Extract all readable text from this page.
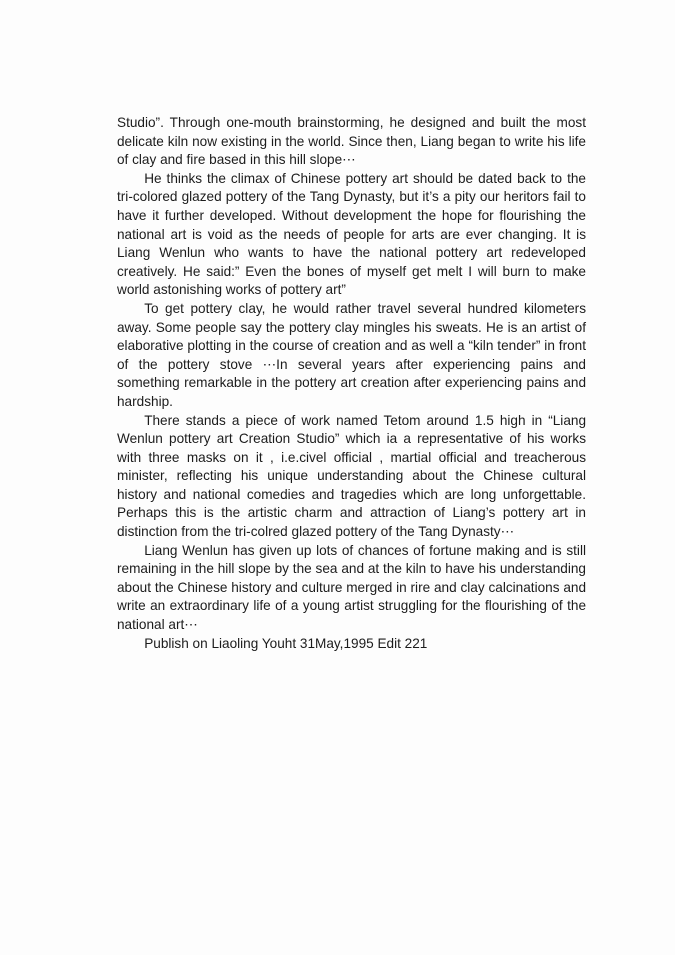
Studio”. Through one-mouth brainstorming, he designed and built the most delicate kiln now existing in the world. Since then, Liang began to write his life of clay and fire based in this hill slope⋯

He thinks the climax of Chinese pottery art should be dated back to the tri-colored glazed pottery of the Tang Dynasty, but it’s a pity our heritors fail to have it further developed. Without development the hope for flourishing the national art is void as the needs of people for arts are ever changing. It is Liang Wenlun who wants to have the national pottery art redeveloped creatively. He said:” Even the bones of myself get melt I will burn to make world astonishing works of pottery art”

To get pottery clay, he would rather travel several hundred kilometers away. Some people say the pottery clay mingles his sweats. He is an artist of elaborative plotting in the course of creation and as well a “kiln tender” in front of the pottery stove ⋯In several years after experiencing pains and something remarkable in the pottery art creation after experiencing pains and hardship.

There stands a piece of work named Tetom around 1.5 high in “Liang Wenlun pottery art Creation Studio” which ia a representative of his works with three masks on it , i.e.civel official , martial official and treacherous minister, reflecting his unique understanding about the Chinese cultural history and national comedies and tragedies which are long unforgettable. Perhaps this is the artistic charm and attraction of Liang’s pottery art in distinction from the tri-colred glazed pottery of the Tang Dynasty⋯

Liang Wenlun has given up lots of chances of fortune making and is still remaining in the hill slope by the sea and at the kiln to have his understanding about the Chinese history and culture merged in rire and clay calcinations and write an extraordinary life of a young artist struggling for the flourishing of the national art⋯

Publish on Liaoling Youht 31May,1995 Edit 221
